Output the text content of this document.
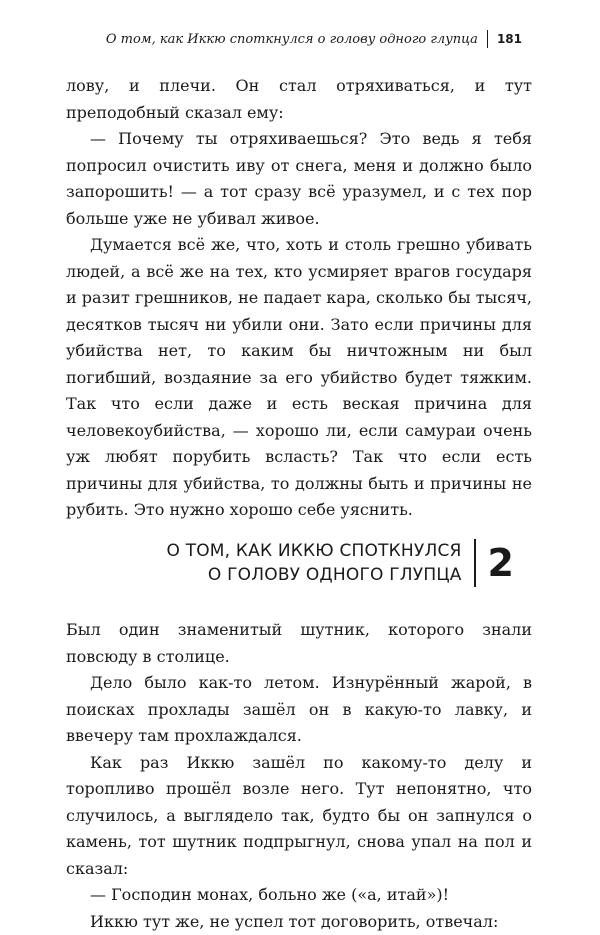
О том, как Иккю споткнулся о голову одного глупца	181

лову, и плечи. Он стал отряхиваться, и тут преподобный сказал ему:

— Почему ты отряхиваешься? Это ведь я тебя попросил очистить иву от снега, меня и должно было запорошить! — а тот сразу всё уразумел, и с тех пор больше уже не убивал живое.

Думается всё же, что, хоть и столь грешно убивать людей, а всё же на тех, кто усмиряет врагов государя и разит грешников, не падает кара, сколько бы тысяч, десятков тысяч ни убили они. Зато если причины для убийства нет, то каким бы ничтожным ни был погибший, воздаяние за его убийство будет тяжким. Так что если даже и есть веская причина для человекоубийства, — хорошо ли, если самураи очень уж любят порубить всласть? Так что если есть причины для убийства, то должны быть и причины не рубить. Это нужно хорошо себе уяснить.

О ТОМ, КАК ИККЮ СПОТКНУЛСЯ
О ГОЛОВУ ОДНОГО ГЛУПЦА 2

Был один знаменитый шутник, которого знали повсюду в столице.

Дело было как-то летом. Изнурённый жарой, в поисках прохлады зашёл он в какую-то лавку, и ввечеру там прохлаждался.

Как раз Иккю зашёл по какому-то делу и торопливо прошёл возле него. Тут непонятно, что случилось, а выглядело так, будто бы он запнулся о камень, тот шутник подпрыгнул, снова упал на пол и сказал:

— Господин монах, больно же («а, итай»)!

Иккю тут же, не успел тот договорить, отвечал:
